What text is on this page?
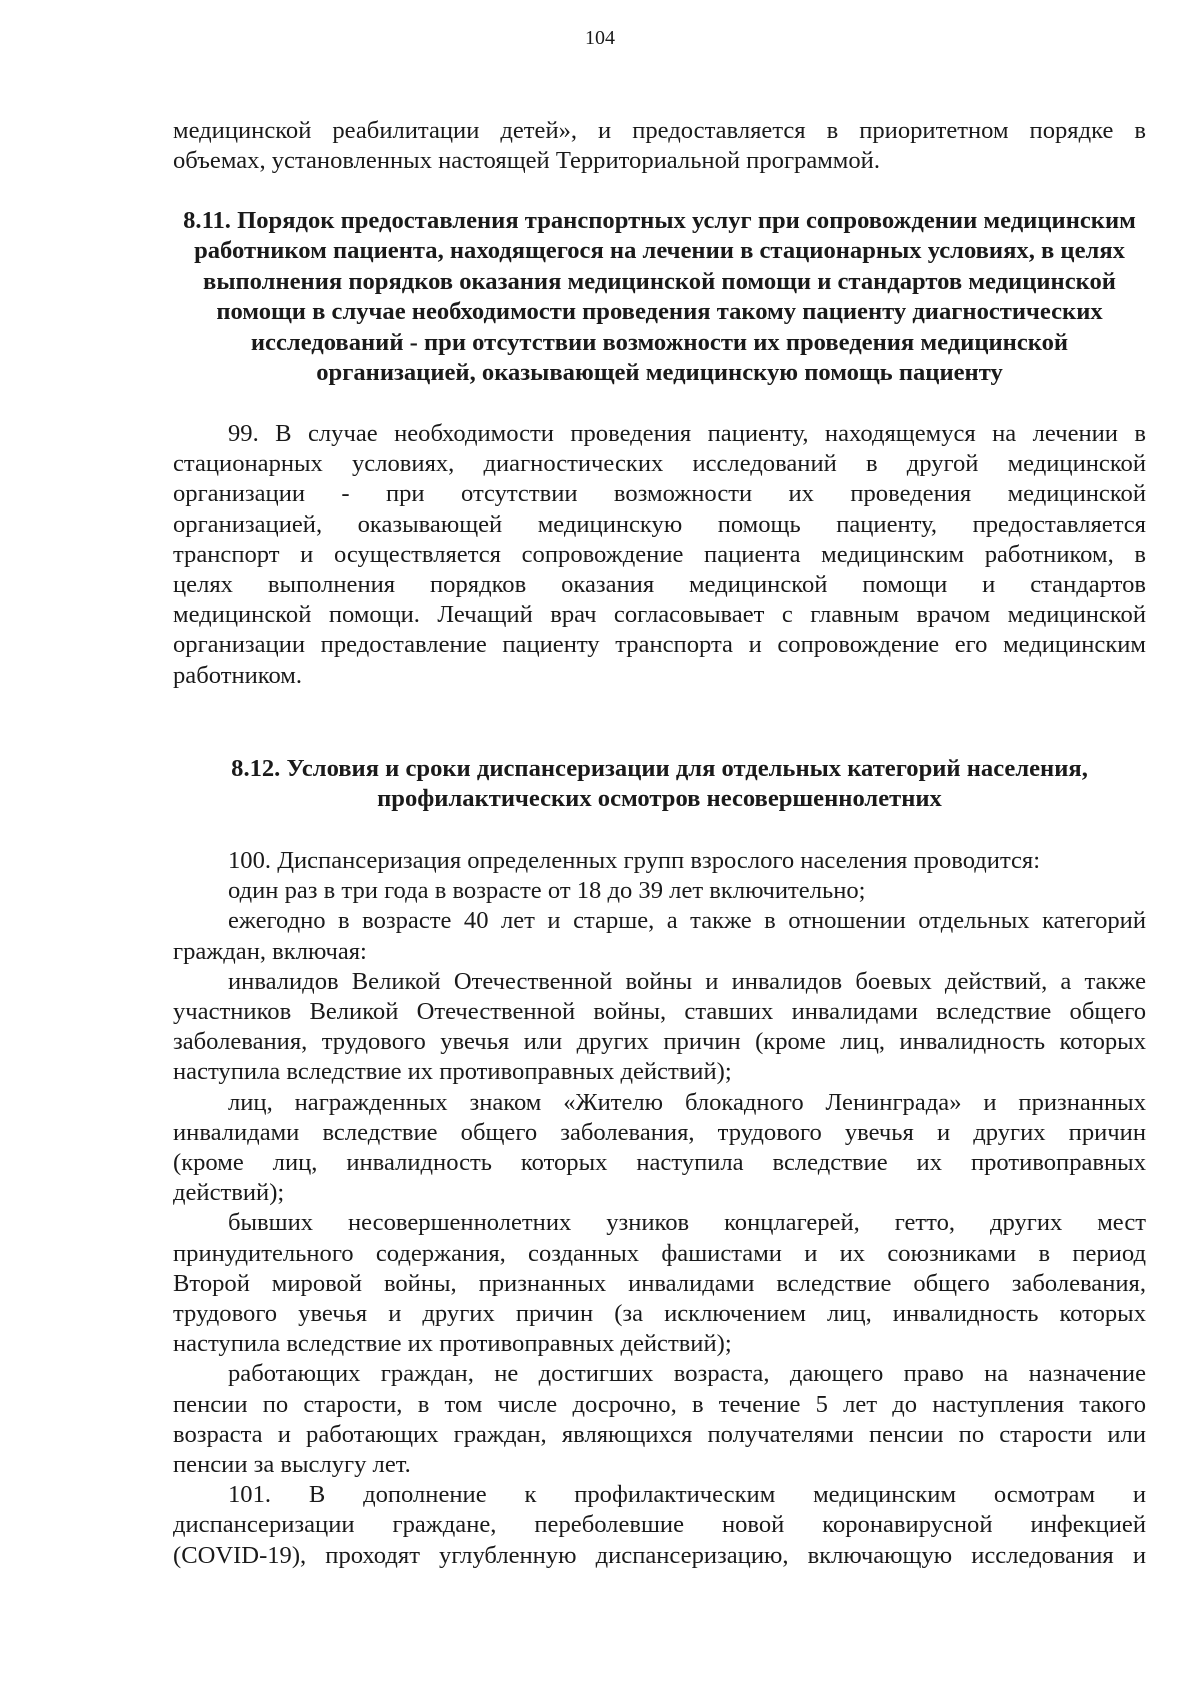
104
медицинской реабилитации детей», и предоставляется в приоритетном порядке в
объемах, установленных настоящей Территориальной программой.
8.11. Порядок предоставления транспортных услуг при сопровождении медицинским
работником пациента, находящегося на лечении в стационарных условиях, в целях
выполнения порядков оказания медицинской помощи и стандартов медицинской
помощи в случае необходимости проведения такому пациенту диагностических
исследований - при отсутствии возможности их проведения медицинской
организацией, оказывающей медицинскую помощь пациенту
99. В случае необходимости проведения пациенту, находящемуся на лечении в
стационарных условиях, диагностических исследований в другой медицинской
организации - при отсутствии возможности их проведения медицинской
организацией, оказывающей медицинскую помощь пациенту, предоставляется
транспорт и осуществляется сопровождение пациента медицинским работником, в
целях выполнения порядков оказания медицинской помощи и стандартов
медицинской помощи. Лечащий врач согласовывает с главным врачом медицинской
организации предоставление пациенту транспорта и сопровождение его медицинским
работником.
8.12. Условия и сроки диспансеризации для отдельных категорий населения,
профилактических осмотров несовершеннолетних
100. Диспансеризация определенных групп взрослого населения проводится:
один раз в три года в возрасте от 18 до 39 лет включительно;
ежегодно в возрасте 40 лет и старше, а также в отношении отдельных категорий
граждан, включая:
инвалидов Великой Отечественной войны и инвалидов боевых действий, а также
участников Великой Отечественной войны, ставших инвалидами вследствие общего
заболевания, трудового увечья или других причин (кроме лиц, инвалидность которых
наступила вследствие их противоправных действий);
лиц, награжденных знаком «Жителю блокадного Ленинграда» и признанных
инвалидами вследствие общего заболевания, трудового увечья и других причин
(кроме лиц, инвалидность которых наступила вследствие их противоправных
действий);
бывших несовершеннолетних узников концлагерей, гетто, других мест
принудительного содержания, созданных фашистами и их союзниками в период
Второй мировой войны, признанных инвалидами вследствие общего заболевания,
трудового увечья и других причин (за исключением лиц, инвалидность которых
наступила вследствие их противоправных действий);
работающих граждан, не достигших возраста, дающего право на назначение
пенсии по старости, в том числе досрочно, в течение 5 лет до наступления такого
возраста и работающих граждан, являющихся получателями пенсии по старости или
пенсии за выслугу лет.
101. В дополнение к профилактическим медицинским осмотрам и
диспансеризации граждане, переболевшие новой коронавирусной инфекцией
(COVID-19), проходят углубленную диспансеризацию, включающую исследования и
